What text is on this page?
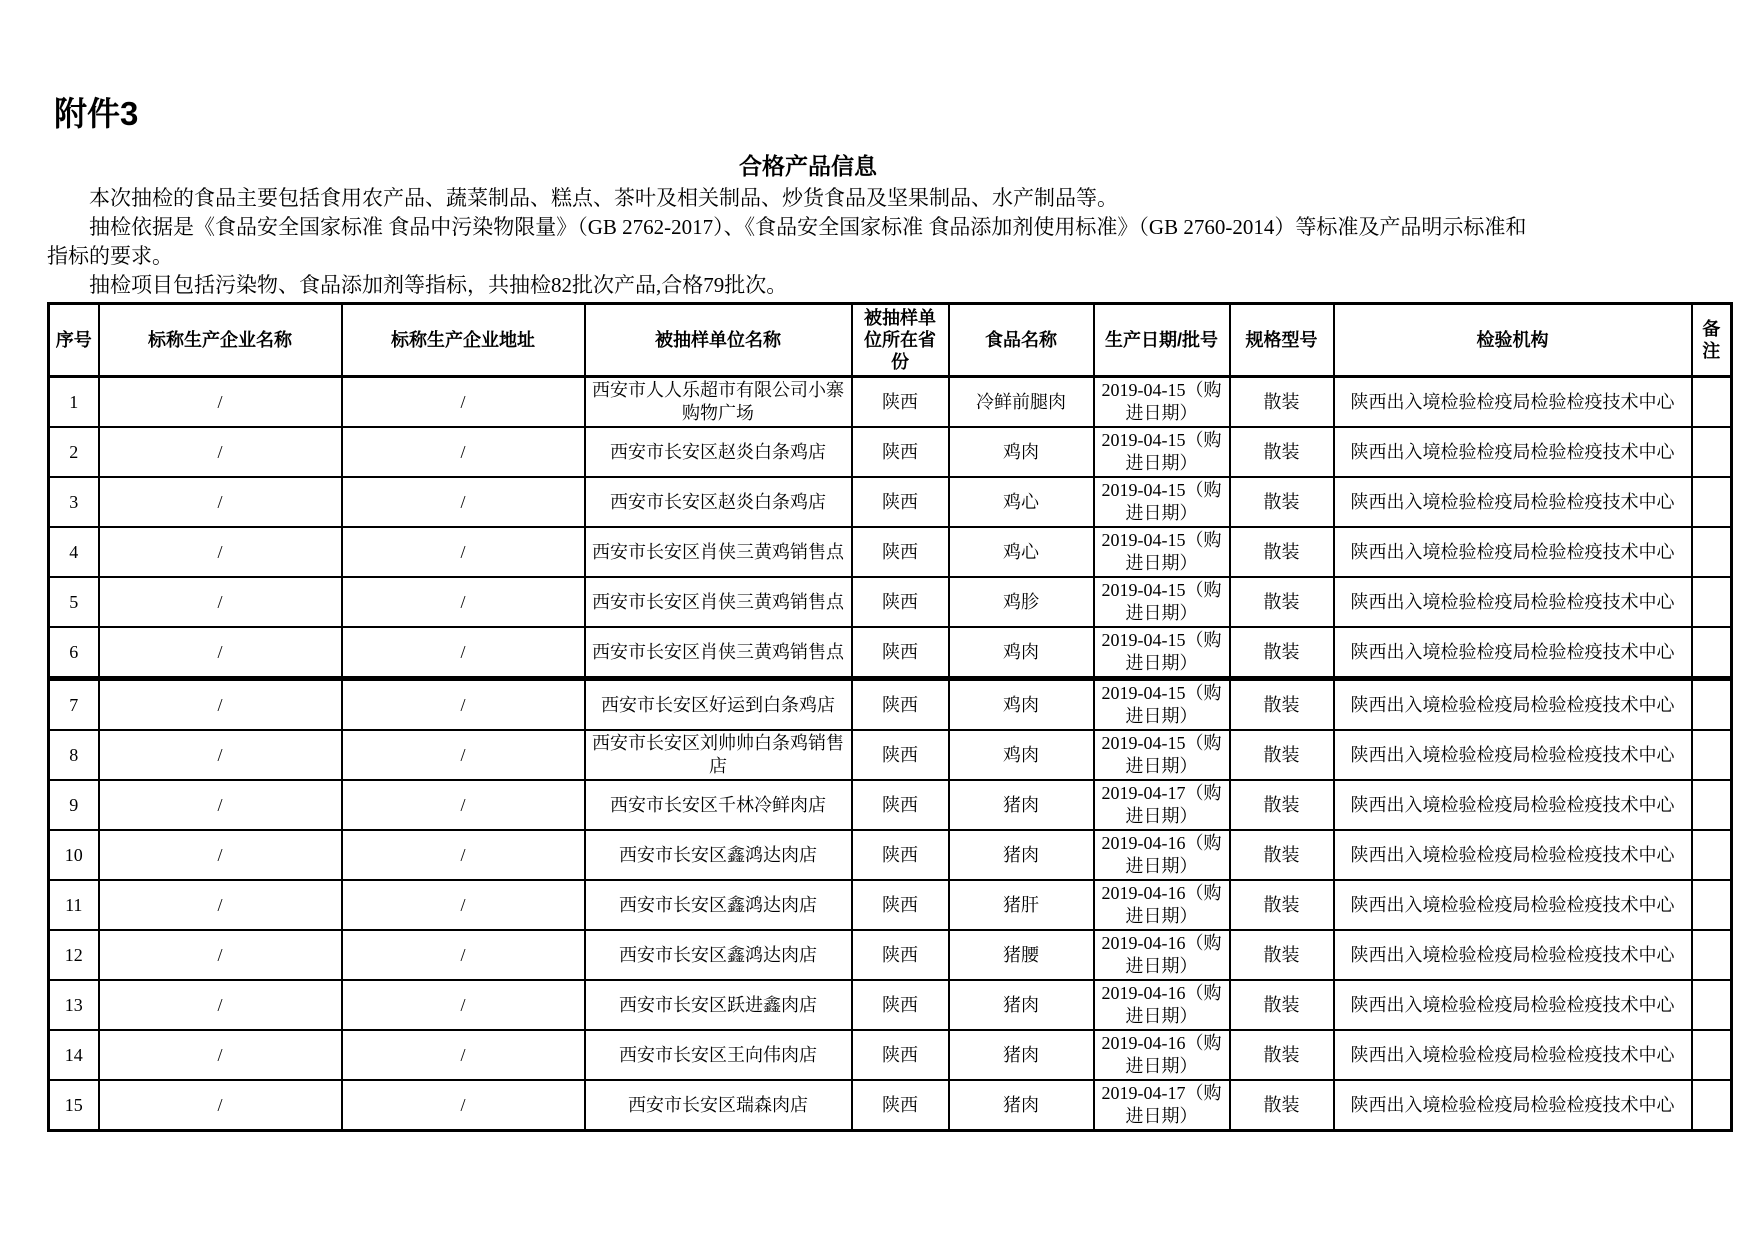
附件3
合格产品信息

本次抽检的食品主要包括食用农产品、蔬菜制品、糕点、茶叶及相关制品、炒货食品及坚果制品、水产制品等。

抽检依据是《食品安全国家标准 食品中污染物限量》（GB 2762-2017）、《食品安全国家标准 食品添加剂使用标准》（GB 2760-2014）等标准及产品明示标准和

指标的要求。

抽检项目包括污染物、食品添加剂等指标，共抽检82批次产品,合格79批次。

序号	标称生产企业名称	标称生产企业地址	被抽样单位名称	被抽样单位所在省份	食品名称	生产日期/批号	规格型号	检验机构	备注
1	/	/	西安市人人乐超市有限公司小寨购物广场	陕西	冷鲜前腿肉	2019-04-15（购进日期）	散装	陕西出入境检验检疫局检验检疫技术中心	
2	/	/	西安市长安区赵炎白条鸡店	陕西	鸡肉	2019-04-15（购进日期）	散装	陕西出入境检验检疫局检验检疫技术中心	
3	/	/	西安市长安区赵炎白条鸡店	陕西	鸡心	2019-04-15（购进日期）	散装	陕西出入境检验检疫局检验检疫技术中心	
4	/	/	西安市长安区肖侠三黄鸡销售点	陕西	鸡心	2019-04-15（购进日期）	散装	陕西出入境检验检疫局检验检疫技术中心	
5	/	/	西安市长安区肖侠三黄鸡销售点	陕西	鸡胗	2019-04-15（购进日期）	散装	陕西出入境检验检疫局检验检疫技术中心	
6	/	/	西安市长安区肖侠三黄鸡销售点	陕西	鸡肉	2019-04-15（购进日期）	散装	陕西出入境检验检疫局检验检疫技术中心	
7	/	/	西安市长安区好运到白条鸡店	陕西	鸡肉	2019-04-15（购进日期）	散装	陕西出入境检验检疫局检验检疫技术中心	
8	/	/	西安市长安区刘帅帅白条鸡销售店	陕西	鸡肉	2019-04-15（购进日期）	散装	陕西出入境检验检疫局检验检疫技术中心	
9	/	/	西安市长安区千林冷鲜肉店	陕西	猪肉	2019-04-17（购进日期）	散装	陕西出入境检验检疫局检验检疫技术中心	
10	/	/	西安市长安区鑫鸿达肉店	陕西	猪肉	2019-04-16（购进日期）	散装	陕西出入境检验检疫局检验检疫技术中心	
11	/	/	西安市长安区鑫鸿达肉店	陕西	猪肝	2019-04-16（购进日期）	散装	陕西出入境检验检疫局检验检疫技术中心	
12	/	/	西安市长安区鑫鸿达肉店	陕西	猪腰	2019-04-16（购进日期）	散装	陕西出入境检验检疫局检验检疫技术中心	
13	/	/	西安市长安区跃进鑫肉店	陕西	猪肉	2019-04-16（购进日期）	散装	陕西出入境检验检疫局检验检疫技术中心	
14	/	/	西安市长安区王向伟肉店	陕西	猪肉	2019-04-16（购进日期）	散装	陕西出入境检验检疫局检验检疫技术中心	
15	/	/	西安市长安区瑞森肉店	陕西	猪肉	2019-04-17（购进日期）	散装	陕西出入境检验检疫局检验检疫技术中心	
